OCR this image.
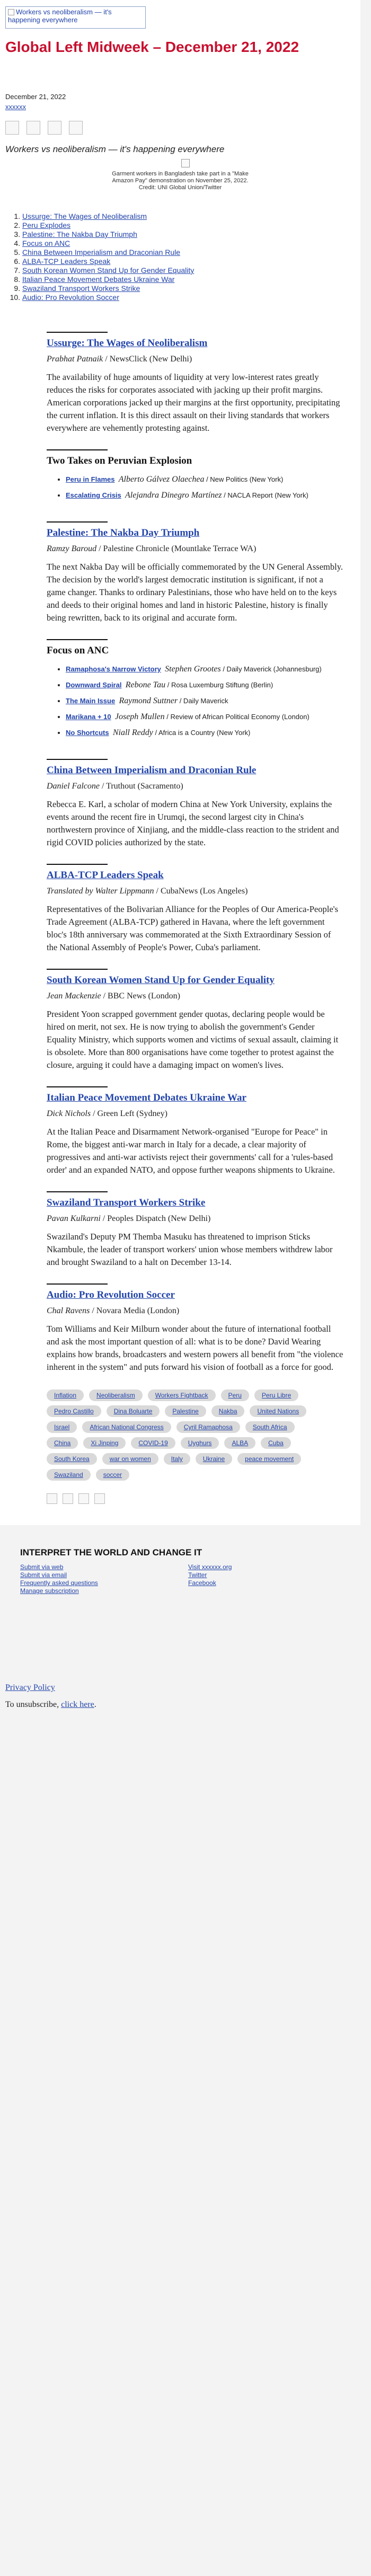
Workers vs neoliberalism — it's happening everywhere
Global Left Midweek – December 21, 2022
December 21, 2022
xxxxxx
Workers vs neoliberalism — it's happening everywhere
Garment workers in Bangladesh take part in a "Make
Amazon Pay" demonstration on November 25, 2022.
Credit: UNI Global Union/Twitter
1. Ussurge: The Wages of Neoliberalism
2. Peru Explodes
3. Palestine: The Nakba Day Triumph
4. Focus on ANC
5. China Between Imperialism and Draconian Rule
6. ALBA-TCP Leaders Speak
7. South Korean Women Stand Up for Gender Equality
8. Italian Peace Movement Debates Ukraine War
9. Swaziland Transport Workers Strike
10. Audio: Pro Revolution Soccer
Ussurge: The Wages of Neoliberalism
Prabhat Patnaik / NewsClick (New Delhi)
The availability of huge amounts of liquidity at very low-interest rates greatly reduces the risks for corporates associated with jacking up their profit margins. American corporations jacked up their margins at the first opportunity, precipitating the current inflation. It is this direct assault on their living standards that workers everywhere are vehemently protesting against.
Two Takes on Peruvian Explosion
• Peru in Flames Alberto Gálvez Olaechea / New Politics (New York)
• Escalating Crisis Alejandra Dinegro Martínez / NACLA Report (New York)
Palestine: The Nakba Day Triumph
Ramzy Baroud / Palestine Chronicle (Mountlake Terrace WA)
The next Nakba Day will be officially commemorated by the UN General Assembly. The decision by the world's largest democratic institution is significant, if not a game changer. Thanks to ordinary Palestinians, those who have held on to the keys and deeds to their original homes and land in historic Palestine, history is finally being rewritten, back to its original and accurate form.
Focus on ANC
• Ramaphosa's Narrow Victory Stephen Grootes / Daily Maverick (Johannesburg)
• Downward Spiral Rebone Tau / Rosa Luxemburg Stiftung (Berlin)
• The Main Issue Raymond Suttner / Daily Maverick
• Marikana + 10 Joseph Mullen / Review of African Political Economy (London)
• No Shortcuts Niall Reddy / Africa is a Country (New York)
China Between Imperialism and Draconian Rule
Daniel Falcone / Truthout (Sacramento)
Rebecca E. Karl, a scholar of modern China at New York University, explains the events around the recent fire in Urumqi, the second largest city in China's northwestern province of Xinjiang, and the middle-class reaction to the strident and rigid COVID policies authorized by the state.
ALBA-TCP Leaders Speak
Translated by Walter Lippmann / CubaNews (Los Angeles)
Representatives of the Bolivarian Alliance for the Peoples of Our America-People's Trade Agreement (ALBA-TCP) gathered in Havana, where the left government bloc's 18th anniversary was commemorated at the Sixth Extraordinary Session of the National Assembly of People's Power, Cuba's parliament.
South Korean Women Stand Up for Gender Equality
Jean Mackenzie / BBC News (London)
President Yoon scrapped government gender quotas, declaring people would be hired on merit, not sex. He is now trying to abolish the government's Gender Equality Ministry, which supports women and victims of sexual assault, claiming it is obsolete. More than 800 organisations have come together to protest against the closure, arguing it could have a damaging impact on women's lives.
Italian Peace Movement Debates Ukraine War
Dick Nichols / Green Left (Sydney)
At the Italian Peace and Disarmament Network-organised "Europe for Peace" in Rome, the biggest anti-war march in Italy for a decade, a clear majority of progressives and anti-war activists reject their governments' call for a 'rules-based order' and an expanded NATO, and oppose further weapons shipments to Ukraine.
Swaziland Transport Workers Strike
Pavan Kulkarni / Peoples Dispatch (New Delhi)
Swaziland's Deputy PM Themba Masuku has threatened to imprison Sticks Nkambule, the leader of transport workers' union whose members withdrew labor and brought Swaziland to a halt on December 13-14.
Audio: Pro Revolution Soccer
Chal Ravens / Novara Media (London)
Tom Williams and Keir Milburn wonder about the future of international football and ask the most important question of all: what is to be done? David Wearing explains how brands, broadcasters and western powers all benefit from "the violence inherent in the system" and puts forward his vision of football as a force for good.
Inflation	Neoliberalism	Workers Fightback	Peru	Peru Libre
Pedro Castillo	Dina Boluarte	Palestine	Nakba	United Nations
Israel	African National Congress	Cyril Ramaphosa	South Africa
China	Xi Jinping	COVID-19	Uyghurs	ALBA	Cuba
South Korea	war on women	Italy	Ukraine	peace movement
Swaziland	soccer
INTERPRET THE WORLD AND CHANGE IT
Submit via web
Submit via email
Frequently asked questions
Manage subscription
Visit xxxxxx.org
Twitter
Facebook
Privacy Policy
To unsubscribe, click here.
